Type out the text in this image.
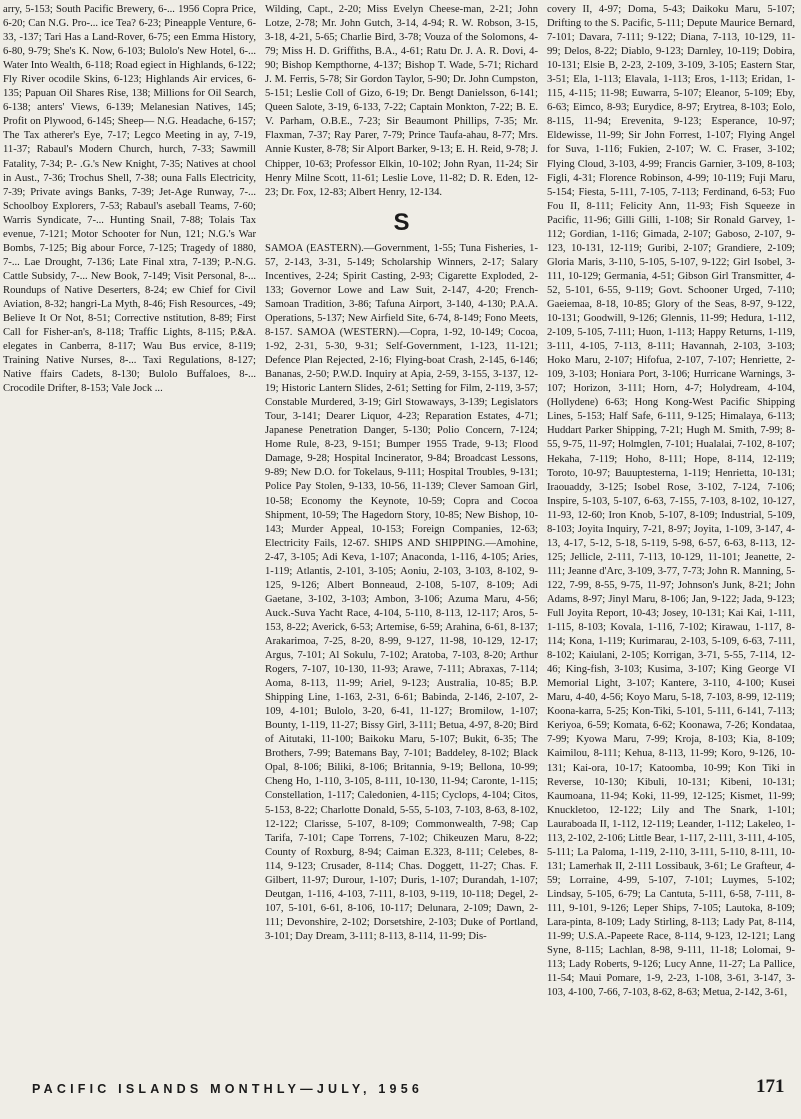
arry, 5-153; South Pacific Brewery, 6-... 1956 Copra Price, 6-20; Can N.G. Pro-... ice Tea? 6-23; Pineapple Venture, 6-33, -137; Tari Has a Land-Rover, 6-75; een Emma History, 6-80, 9-79; She's K. Now, 6-103; Bulolo's New Hotel, 6-... Water Into Wealth, 6-118; Road egiect in Highlands, 6-122; Fly River ocodile Skins, 6-123; Highlands Air ervices, 6-135; Papuan Oil Shares Rise, 138; Millions for Oil Search, 6-138; anters' Views, 6-139; Melanesian Natives, 145; Profit on Plywood, 6-145; Sheep— N.G. Headache, 6-157; The Tax atherer's Eye, 7-17; Legco Meeting in ay, 7-19, 11-37; Rabaul's Modern Church, hurch, 7-33; Sawmill Fatality, 7-34; P.- .G.'s New Knight, 7-35; Natives at chool in Aust., 7-36; Trochus Shell, 7-38; ouna Falls Electricity, 7-39; Private avings Banks, 7-39; Jet-Age Runway, 7-... Schoolboy Explorers, 7-53; Rabaul's aseball Teams, 7-60; Warris Syndicate, 7-... Hunting Snail, 7-88; Tolais Tax evenue, 7-121; Motor Schooter for Nun, 121; N.G.'s War Bombs, 7-125; Big abour Force, 7-125; Tragedy of 1880, 7-... Lae Drought, 7-136; Late Final xtra, 7-139; P.-N.G. Cattle Subsidy, 7-... New Book, 7-149; Visit Personal, 8-... Roundups of Native Deserters, 8-24; ew Chief for Civil Aviation, 8-32; hangri-La Myth, 8-46; Fish Resources, -49; Believe It Or Not, 8-51; Corrective nstitution, 8-89; First Call for Fisher-an's, 8-118; Traffic Lights, 8-115; P.&A. elegates in Canberra, 8-117; Wau Bus ervice, 8-119; Training Native Nurses, 8-... Taxi Regulations, 8-127; Native ffairs Cadets, 8-130; Bulolo Buffaloes, 8-... Crocodile Drifter, 8-153; Vale Jock ...

Wilding, Capt., 2-20; Miss Evelyn Cheese-man, 2-21; John Lotze, 2-78; Mr. John Gutch, 3-14, 4-94; R. W. Robson, 3-15, 3-18, 4-21, 5-65; Charlie Bird, 3-78; Vouza of the Solomons, 4-79; Miss H. D. Griffiths, B.A., 4-61; Ratu Dr. J. A. R. Dovi, 4-90; Bishop Kempthorne, 4-137; Bishop T. Wade, 5-71; Richard J. M. Ferris, 5-78; Sir Gordon Taylor, 5-90; Dr. John Cumpston, 5-151; Leslie Coll of Gizo, 6-19; Dr. Bengt Danielsson, 6-141; Queen Salote, 3-19, 6-133, 7-22; Captain Monkton, 7-22; B. E. V. Parham, O.B.E., 7-23; Sir Beaumont Phillips, 7-35; Mr. Flaxman, 7-37; Ray Parer, 7-79; Prince Taufa-ahau, 8-77; Mrs. Annie Kuster, 8-78; Sir Alport Barker, 9-13; E. H. Reid, 9-78; J. Chipper, 10-63; Professor Elkin, 10-102; John Ryan, 11-24; Sir Henry Milne Scott, 11-61; Leslie Love, 11-82; D. R. Eden, 12-23; Dr. Fox, 12-83; Albert Henry, 12-134.

S

SAMOA (EASTERN).—Government, 1-55; Tuna Fisheries, 1-57, 2-143, 3-31, 5-149; Scholarship Winners, 2-17; Salary Incentives, 2-24; Spirit Casting, 2-93; Cigarette Exploded, 2-133; Governor Lowe and Law Suit, 2-147, 4-20; French-Samoan Tradition, 3-86; Tafuna Airport, 3-140, 4-130; P.A.A. Operations, 5-137; New Airfield Site, 6-74, 8-149; Fono Meets, 8-157. SAMOA (WESTERN).—Copra, 1-92, 10-149; Cocoa, 1-92, 2-31, 5-30, 9-31; Self-Government, 1-123, 11-121; Defence Plan Rejected, 2-16; Flying-boat Crash, 2-145, 6-146; Bananas, 2-50; P.W.D. Inquiry at Apia, 2-59, 3-155, 3-137, 12-19; Historic Lantern Slides, 2-61; Setting for Film, 2-119, 3-57; Constable Murdered, 3-19; Girl Stowaways, 3-139; Legislators Tour, 3-141; Dearer Liquor, 4-23; Reparation Estates, 4-71; Japanese Penetration Danger, 5-130; Polio Concern, 7-124; Home Rule, 8-23, 9-151; Bumper 1955 Trade, 9-13; Flood Damage, 9-28; Hospital Incinerator, 9-84; Broadcast Lessons, 9-89; New D.O. for Tokelaus, 9-111; Hospital Troubles, 9-131; Police Pay Stolen, 9-133, 10-56, 11-139; Clever Samoan Girl, 10-58; Economy the Keynote, 10-59; Copra and Cocoa Shipment, 10-59; The Hagedorn Story, 10-85; New Bishop, 10-143; Murder Appeal, 10-153; Foreign Companies, 12-63; Electricity Fails, 12-67. SHIPS AND SHIPPING.—Amohine, 2-47, 3-105; Adi Keva, 1-107; Anaconda, 1-116, 4-105; Aries, 1-119; Atlantis, 2-101, 3-105; Aoniu, 2-103, 3-103, 8-102, 9-125, 9-126; Albert Bonneaud, 2-108, 5-107, 8-109; Adi Gaetane, 3-102, 3-103; Ambon, 3-106; Azuma Maru, 4-56; Auck.-Suva Yacht Race, 4-104, 5-110, 8-113, 12-117; Aros, 5-153, 8-22; Averick, 6-53; Artemise, 6-59; Arahina, 6-61, 8-137; Arakarimoa, 7-25, 8-20, 8-99, 9-127, 11-98, 10-129, 12-17; Argus, 7-101; Al Sokulu, 7-102; Aratoba, 7-103, 8-20; Arthur Rogers, 7-107, 10-130, 11-93; Arawe, 7-111; Abraxas, 7-114; Aoma, 8-113, 11-99; Ariel, 9-123; Australia, 10-85; B.P. Shipping Line, 1-163, 2-31, 6-61; Babinda, 2-146, 2-107, 2-109, 4-101; Bulolo, 3-20, 6-41, 11-127; Bromilow, 1-107; Bounty, 1-119, 11-27; Bissy Girl, 3-111; Betua, 4-97, 8-20; Bird of Aitutaki, 11-100; Baikoku Maru, 5-107; Bukit, 6-35; The Brothers, 7-99; Batemans Bay, 7-101; Baddeley, 8-102; Black Opal, 8-106; Biliki, 8-106; Britannia, 9-19; Bellona, 10-99; Cheng Ho, 1-110, 3-105, 8-111, 10-130, 11-94; Caronte, 1-115; Constellation, 1-117; Caledonien, 4-115; Cyclops, 4-104; Citos, 5-153, 8-22; Charlotte Donald, 5-55, 5-103, 7-103, 8-63, 8-102, 12-122; Clarisse, 5-107, 8-109; Commonwealth, 7-98; Cap Tarifa, 7-101; Cape Torrens, 7-102; Chikeuzen Maru, 8-22; County of Roxburg, 8-94; Caiman E.323, 8-111; Celebes, 8-114, 9-123; Crusader, 8-114; Chas. Doggett, 11-27; Chas. F. Gilbert, 11-97; Durour, 1-107; Duris, 1-107; Durandah, 1-107; Deutgan, 1-116, 4-103, 7-111, 8-103, 9-119, 10-118; Degel, 2-107, 5-101, 6-61, 8-106, 10-117; Delunara, 2-109; Dawn, 2-111; Devonshire, 2-102; Dorsetshire, 2-103; Duke of Portland, 3-101; Day Dream, 3-111; 8-113, 8-114, 11-99; Dis-

covery II, 4-97; Doma, 5-43; Daikoku Maru, 5-107; Drifting to the S. Pacific, 5-111; Depute Maurice Bernard, 7-101; Davara, 7-111; 9-122; Diana, 7-113, 10-129, 11-99; Delos, 8-22; Diablo, 9-123; Darnley, 10-119; Dobira, 10-131; Elsie B, 2-23, 2-109, 3-109, 3-105; Eastern Star, 3-51; Ela, 1-113; Elavala, 1-113; Eros, 1-113; Eridan, 1-115, 4-115; 11-98; Euwarra, 5-107; Eleanor, 5-109; Eby, 6-63; Eimco, 8-93; Eurydice, 8-97; Erytrea, 8-103; Eolo, 8-115, 11-94; Erevenita, 9-123; Esperance, 10-97; Eldewisse, 11-99; Sir John Forrest, 1-107; Flying Angel for Suva, 1-116; Fukien, 2-107; W. C. Fraser, 3-102; Flying Cloud, 3-103, 4-99; Francis Garnier, 3-109, 8-103; Figli, 4-31; Florence Robinson, 4-99; 10-119; Fuji Maru, 5-154; Fiesta, 5-111, 7-105, 7-113; Ferdinand, 6-53; Fuo Fou II, 8-111; Felicity Ann, 11-93; Fish Squeeze in Pacific, 11-96; Gilli Gilli, 1-108; Sir Ronald Garvey, 1-112; Gordian, 1-116; Gimada, 2-107; Gaboso, 2-107, 9-123, 10-131, 12-119; Guribi, 2-107; Grandiere, 2-109; Gloria Maris, 3-110, 5-105, 5-107, 9-122; Girl Isobel, 3-111, 10-129; Germania, 4-51; Gibson Girl Transmitter, 4-52, 5-101, 6-55, 9-119; Govt. Schooner Urged, 7-110; Gaeiemaa, 8-18, 10-85; Glory of the Seas, 8-97, 9-122, 10-131; Goodwill, 9-126; Glennis, 11-99; Hedura, 1-112, 2-109, 5-105, 7-111; Huon, 1-113; Happy Returns, 1-119, 3-111, 4-105, 7-113, 8-111; Havannah, 2-103, 3-103; Hoko Maru, 2-107; Hifofua, 2-107, 7-107; Henriette, 2-109, 3-103; Honiara Port, 3-106; Hurricane Warnings, 3-107; Horizon, 3-111; Horn, 4-7; Holydream, 4-104, (Hollydene) 6-63; Hong Kong-West Pacific Shipping Lines, 5-153; Half Safe, 6-111, 9-125; Himalaya, 6-113; Huddart Parker Shipping, 7-21; Hugh M. Smith, 7-99; 8-55, 9-75, 11-97; Holmglen, 7-101; Hualalai, 7-102, 8-107; Hekaha, 7-119; Hoho, 8-111; Hope, 8-114, 12-119; Toroto, 10-97; Bauuptesterna, 1-119; Henrietta, 10-131; Iraouaddy, 3-125; Isobel Rose, 3-102, 7-124, 7-106; Inspire, 5-103, 5-107, 6-63, 7-155, 7-103, 8-102, 10-127, 11-93, 12-60; Iron Knob, 5-107, 8-109; Industrial, 5-109, 8-103; Joyita Inquiry, 7-21, 8-97; Joyita, 1-109, 3-147, 4-13, 4-17, 5-12, 5-18, 5-119, 5-98, 6-57, 6-63, 8-113, 12-125; Jellicle, 2-111, 7-113, 10-129, 11-101; Jeanette, 2-111; Jeanne d'Arc, 3-109, 3-77, 7-73; John R. Manning, 5-122, 7-99, 8-55, 9-75, 11-97; Johnson's Junk, 8-21; John Adams, 8-97; Jinyl Maru, 8-106; Jan, 9-122; Jada, 9-123; Full Joyita Report, 10-43; Josey, 10-131; Kai Kai, 1-111, 1-115, 8-103; Kovala, 1-116, 7-102; Kirawau, 1-117, 8-114; Kona, 1-119; Kurimarau, 2-103, 5-109, 6-63, 7-111, 8-102; Kaiulani, 2-105; Korrigan, 3-71, 5-55, 7-114, 12-46; King-fish, 3-103; Kusima, 3-107; King George VI Memorial Light, 3-107; Kantere, 3-110, 4-100; Kusei Maru, 4-40, 4-56; Koyo Maru, 5-18, 7-103, 8-99, 12-119; Koona-karra, 5-25; Kon-Tiki, 5-101, 5-111, 6-141, 7-113; Keriyoa, 6-59; Komata, 6-62; Koonawa, 7-26; Kondataa, 7-99; Kyowa Maru, 7-99; Kroja, 8-103; Kia, 8-109; Kaimilou, 8-111; Kehua, 8-113, 11-99; Koro, 9-126, 10-131; Kai-ora, 10-17; Katoomba, 10-99; Kon Tiki in Reverse, 10-130; Kibuli, 10-131; Kibeni, 10-131; Kaumoana, 11-94; Koki, 11-99, 12-125; Kismet, 11-99; Knuckletoo, 12-122; Lily and The Snark, 1-101; Lauraboada II, 1-112, 12-119; Leander, 1-112; Lakeleo, 1-113, 2-102, 2-106; Little Bear, 1-117, 2-111, 3-111, 4-105, 5-111; La Paloma, 1-119, 2-110, 3-111, 5-110, 8-111, 10-131; Lamerhak II, 2-111 Lossibauk, 3-61; Le Grafteur, 4-59; Lorraine, 4-99, 5-107, 7-101; Luymes, 5-102; Lindsay, 5-105, 6-79; La Cantuta, 5-111, 6-58, 7-111, 8-111, 9-101, 9-126; Leper Ships, 7-105; Lautoka, 8-109; Lara-pinta, 8-109; Lady Stirling, 8-113; Lady Pat, 8-114, 11-99; U.S.A.-Papeete Race, 8-114, 9-123, 12-121; Lang Syne, 8-115; Lachlan, 8-98, 9-111, 11-18; Lolomai, 9-113; Lady Roberts, 9-126; Lucy Anne, 11-27; La Pallice, 11-54; Maui Pomare, 1-9, 2-23, 1-108, 3-61, 3-147, 3-103, 4-100, 7-66, 7-103, 8-62, 8-63; Metua, 2-142, 3-61,

PACIFIC ISLANDS MONTHLY—JULY, 1956	171
